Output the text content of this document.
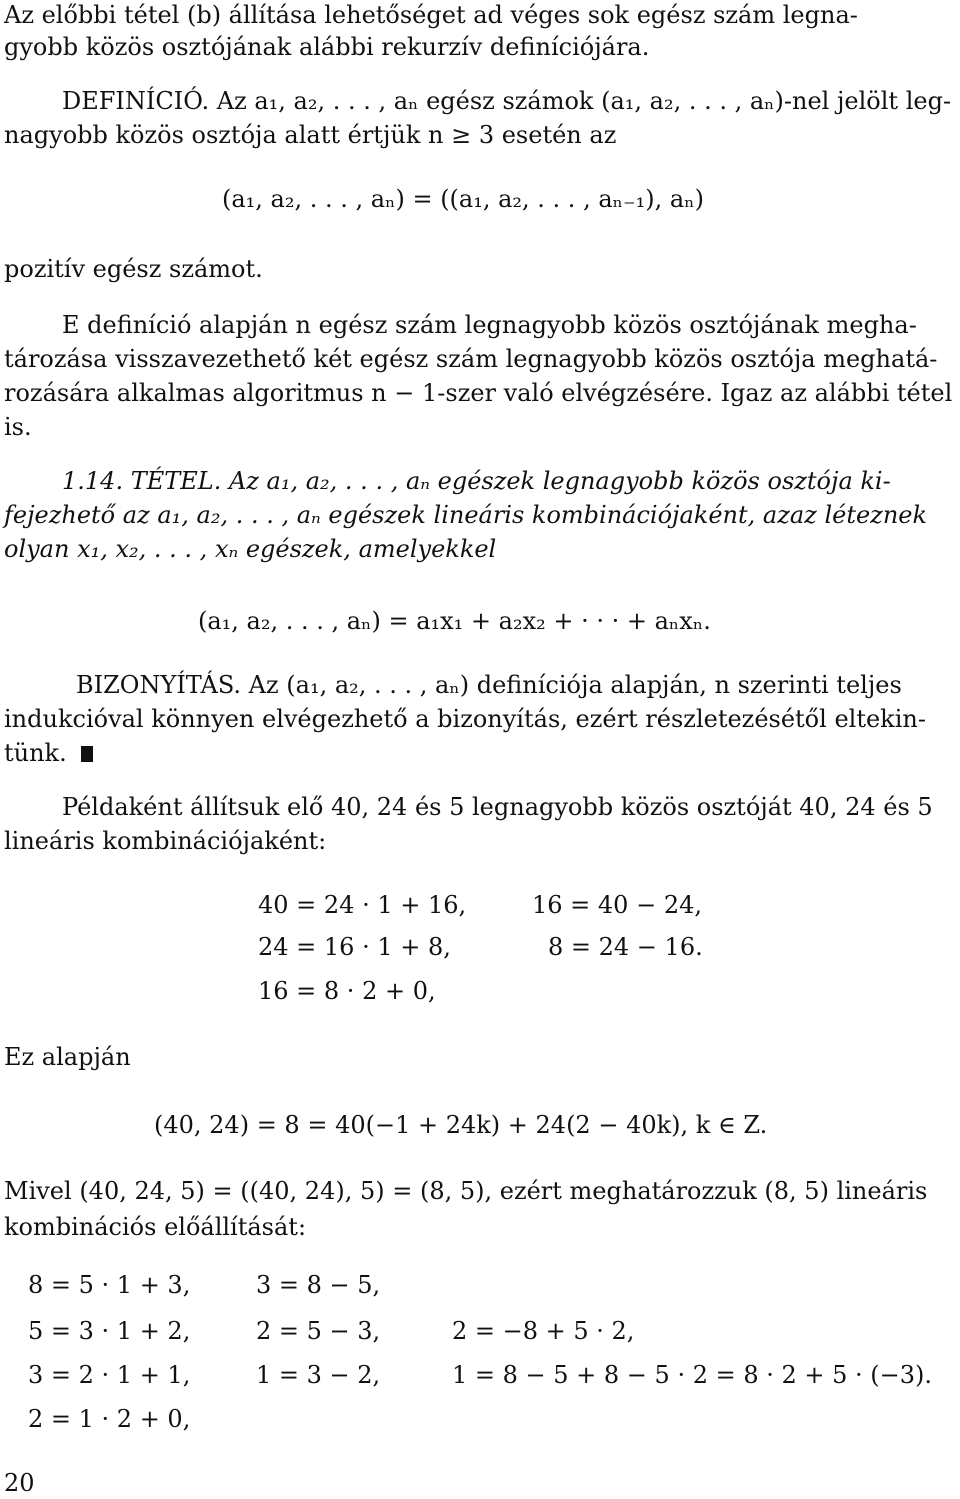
Az előbbi tétel (b) állítása lehetőséget ad véges sok egész szám legna-
gyobb közös osztójának alábbi rekurzív definíciójára.
DEFINÍCIÓ. Az a₁, a₂, . . . , aₙ egész számok (a₁, a₂, . . . , aₙ)-nel jelölt leg-
nagyobb közös osztója alatt értjük n ≥ 3 esetén az
(a₁, a₂, . . . , aₙ) = ((a₁, a₂, . . . , aₙ₋₁), aₙ)
pozitív egész számot.
E definíció alapján n egész szám legnagyobb közös osztójának megha-
tározása visszavezethető két egész szám legnagyobb közös osztója meghatá-
rozására alkalmas algoritmus n − 1-szer való elvégzésére. Igaz az alábbi tétel
is.
1.14. TÉTEL. Az a₁, a₂, . . . , aₙ egészek legnagyobb közös osztója ki-
fejezhető az a₁, a₂, . . . , aₙ egészek lineáris kombinációjaként, azaz léteznek
olyan x₁, x₂, . . . , xₙ egészek, amelyekkel
(a₁, a₂, . . . , aₙ) = a₁x₁ + a₂x₂ + · · · + aₙxₙ.
BIZONYÍTÁS. Az (a₁, a₂, . . . , aₙ) definíciója alapján, n szerinti teljes
indukcióval könnyen elvégezhető a bizonyítás, ezért részletezésétől eltekin-
tünk.
Példaként állítsuk elő 40, 24 és 5 legnagyobb közös osztóját 40, 24 és 5
lineáris kombinációjaként:
40 = 24 · 1 + 16,
24 = 16 · 1 + 8,
16 = 8 · 2 + 0,
16 = 40 − 24,
8 = 24 − 16.
Ez alapján
(40, 24) = 8 = 40(−1 + 24k) + 24(2 − 40k), k ∈ Z.
Mivel (40, 24, 5) = ((40, 24), 5) = (8, 5), ezért meghatározzuk (8, 5) lineáris
kombinációs előállítását:
8 = 5 · 1 + 3,
5 = 3 · 1 + 2,
3 = 2 · 1 + 1,
2 = 1 · 2 + 0,
3 = 8 − 5,
2 = 5 − 3,
1 = 3 − 2,
2 = −8 + 5 · 2,
1 = 8 − 5 + 8 − 5 · 2 = 8 · 2 + 5 · (−3).
20
